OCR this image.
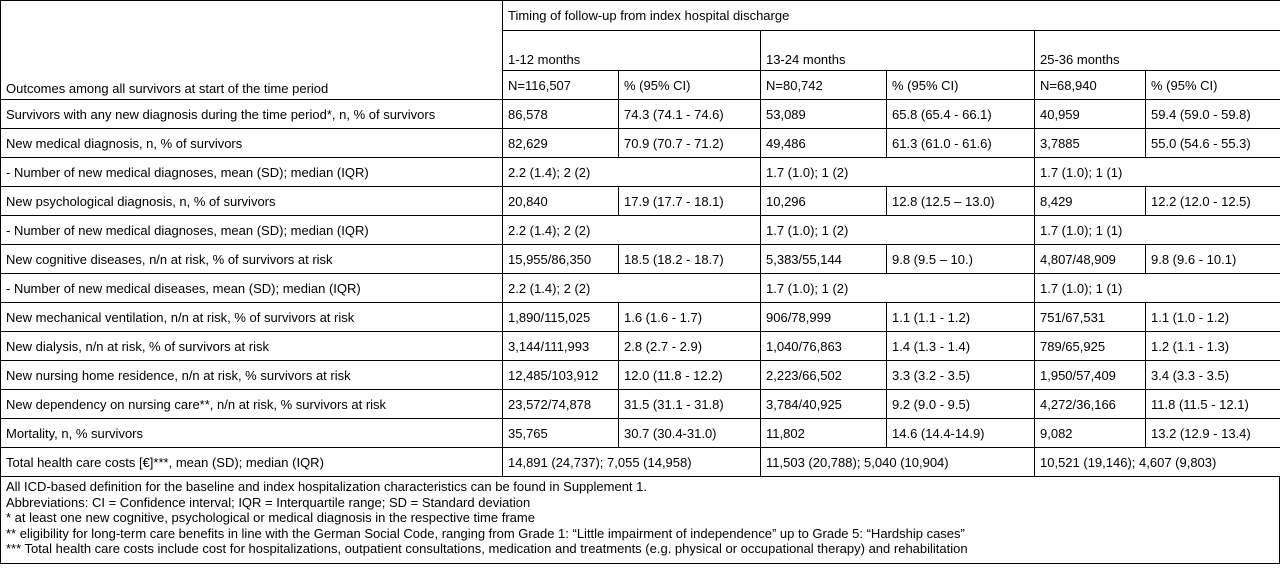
Outcomes among all survivors at start of the time period	Timing of follow-up from index hospital discharge					
	1-12 months		13-24 months		25-36 months	
	N=116,507	% (95% CI)	N=80,742	% (95% CI)	N=68,940	% (95% CI)
Survivors with any new diagnosis during the time period*, n, % of survivors	86,578	74.3 (74.1 - 74.6)	53,089	65.8 (65.4 - 66.1)	40,959	59.4 (59.0 - 59.8)
New medical diagnosis, n, % of survivors	82,629	70.9 (70.7 - 71.2)	49,486	61.3 (61.0 - 61.6)	3,7885	55.0 (54.6 - 55.3)
- Number of new medical diagnoses, mean (SD); median (IQR)	2.2 (1.4); 2 (2)		1.7 (1.0); 1 (2)		1.7 (1.0); 1 (1)	
New psychological diagnosis, n, % of survivors	20,840	17.9 (17.7 - 18.1)	10,296	12.8 (12.5 – 13.0)	8,429	12.2 (12.0 - 12.5)
- Number of new medical diagnoses, mean (SD); median (IQR)	2.2 (1.4); 2 (2)		1.7 (1.0); 1 (2)		1.7 (1.0); 1 (1)	
New cognitive diseases, n/n at risk, % of survivors at risk	15,955/86,350	18.5 (18.2 - 18.7)	5,383/55,144	9.8 (9.5 – 10.)	4,807/48,909	9.8 (9.6 - 10.1)
- Number of new medical diseases, mean (SD); median (IQR)	2.2 (1.4); 2 (2)		1.7 (1.0); 1 (2)		1.7 (1.0); 1 (1)	
New mechanical ventilation, n/n at risk, % of survivors at risk	1,890/115,025	1.6 (1.6 - 1.7)	906/78,999	1.1 (1.1 - 1.2)	751/67,531	1.1 (1.0 - 1.2)
New dialysis, n/n at risk, % of survivors at risk	3,144/111,993	2.8 (2.7 - 2.9)	1,040/76,863	1.4 (1.3 - 1.4)	789/65,925	1.2 (1.1 - 1.3)
New nursing home residence, n/n at risk, % survivors at risk	12,485/103,912	12.0 (11.8 - 12.2)	2,223/66,502	3.3 (3.2 - 3.5)	1,950/57,409	3.4 (3.3 - 3.5)
New dependency on nursing care**, n/n at risk, % survivors at risk	23,572/74,878	31.5 (31.1 - 31.8)	3,784/40,925	9.2 (9.0 - 9.5)	4,272/36,166	11.8 (11.5 - 12.1)
Mortality, n, % survivors	35,765	30.7 (30.4-31.0)	11,802	14.6 (14.4-14.9)	9,082	13.2 (12.9 - 13.4)
Total health care costs [€]***, mean (SD); median (IQR)	14,891 (24,737); 7,055 (14,958)		11,503 (20,788); 5,040 (10,904)		10,521 (19,146); 4,607 (9,803)	
All ICD-based definition for the baseline and index hospitalization characteristics can be found in Supplement 1.
Abbreviations: CI = Confidence interval; IQR = Interquartile range; SD = Standard deviation
* at least one new cognitive, psychological or medical diagnosis in the respective time frame
** eligibility for long-term care benefits in line with the German Social Code, ranging from Grade 1: “Little impairment of independence” up to Grade 5: “Hardship cases”
*** Total health care costs include cost for hospitalizations, outpatient consultations, medication and treatments (e.g. physical or occupational therapy) and rehabilitation
